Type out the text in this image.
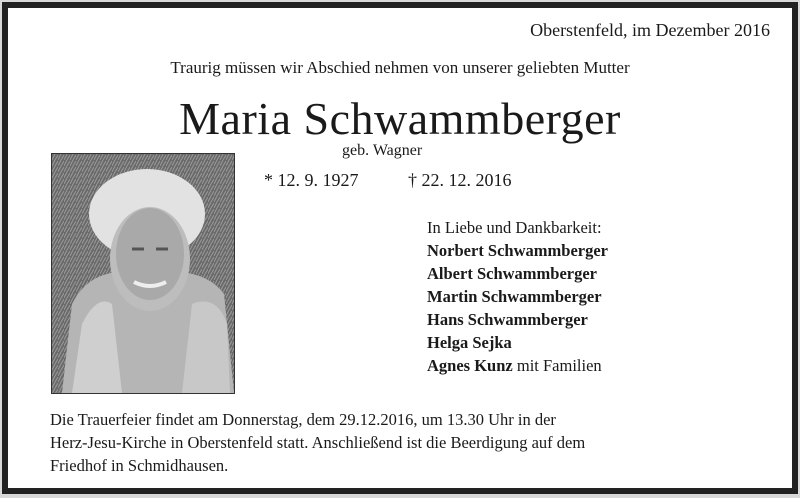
Oberstenfeld, im Dezember 2016
Traurig müssen wir Abschied nehmen von unserer geliebten Mutter
Maria Schwammberger
geb. Wagner
* 12. 9. 1927	† 22. 12. 2016
In Liebe und Dankbarkeit:
Norbert Schwammberger
Albert Schwammberger
Martin Schwammberger
Hans Schwammberger
Helga Sejka
Agnes Kunz mit Familien
Die Trauerfeier findet am Donnerstag, dem 29.12.2016, um 13.30 Uhr in der
Herz-Jesu-Kirche in Oberstenfeld statt. Anschließend ist die Beerdigung auf dem
Friedhof in Schmidhausen.
